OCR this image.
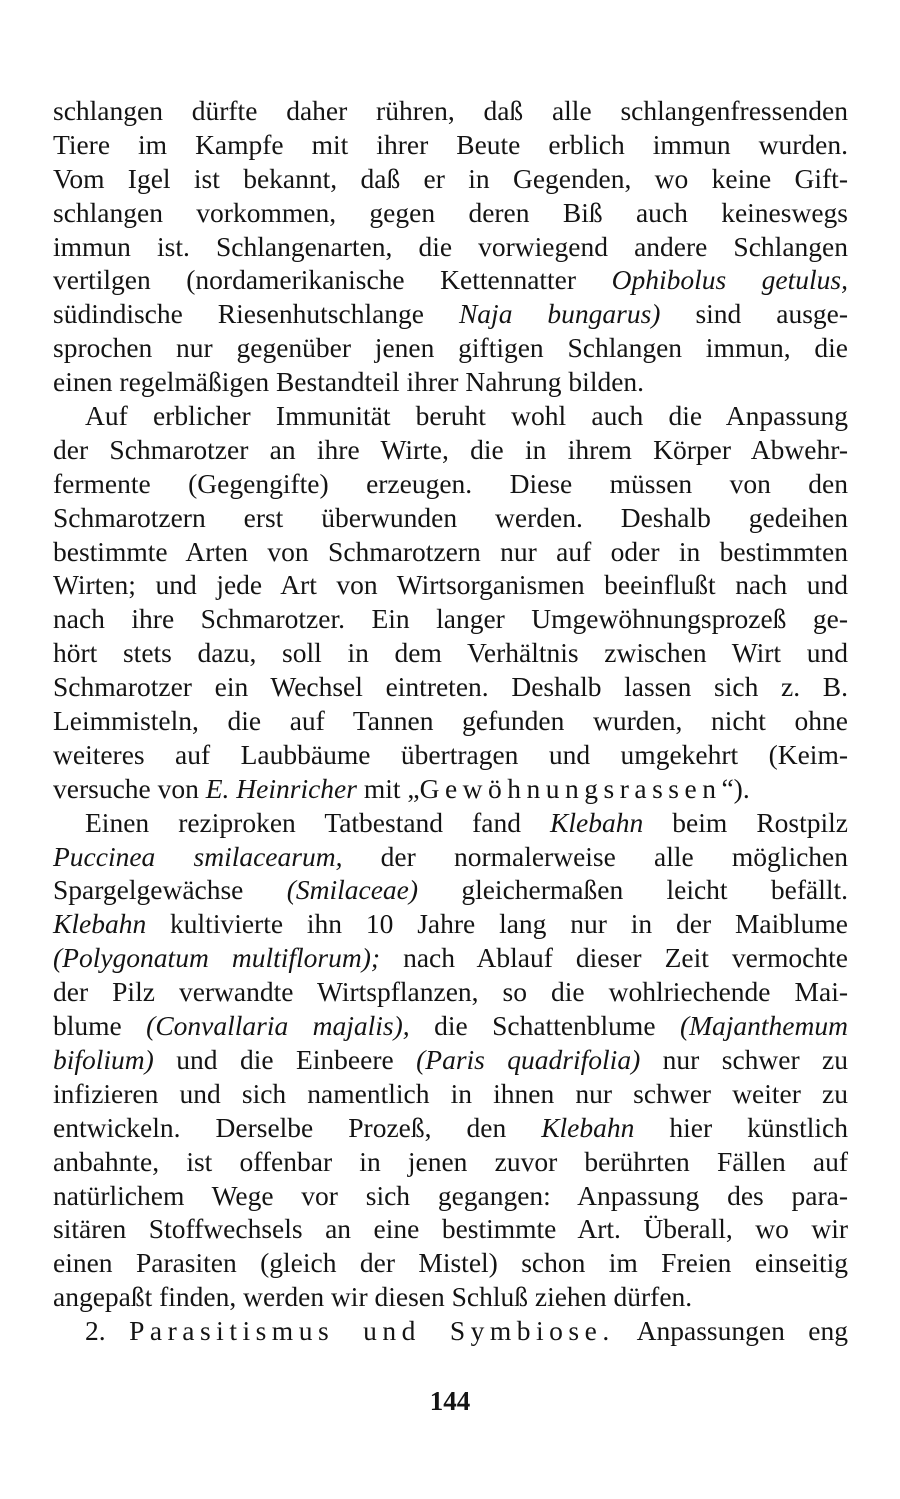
schlangen dürfte daher rühren, daß alle schlangenfressenden
Tiere im Kampfe mit ihrer Beute erblich immun wurden.
Vom Igel ist bekannt, daß er in Gegenden, wo keine Gift-
schlangen vorkommen, gegen deren Biß auch keineswegs
immun ist. Schlangenarten, die vorwiegend andere Schlangen
vertilgen (nordamerikanische Kettennatter Ophibolus getulus,
südindische Riesenhutschlange Naja bungarus) sind ausge-
sprochen nur gegenüber jenen giftigen Schlangen immun, die
einen regelmäßigen Bestandteil ihrer Nahrung bilden.
Auf erblicher Immunität beruht wohl auch die Anpassung
der Schmarotzer an ihre Wirte, die in ihrem Körper Abwehr-
fermente (Gegengifte) erzeugen. Diese müssen von den
Schmarotzern erst überwunden werden. Deshalb gedeihen
bestimmte Arten von Schmarotzern nur auf oder in bestimmten
Wirten; und jede Art von Wirtsorganismen beeinflußt nach und
nach ihre Schmarotzer. Ein langer Umgewöhnungsprozeß ge-
hört stets dazu, soll in dem Verhältnis zwischen Wirt und
Schmarotzer ein Wechsel eintreten. Deshalb lassen sich z. B.
Leimmisteln, die auf Tannen gefunden wurden, nicht ohne
weiteres auf Laubbäume übertragen und umgekehrt (Keim-
versuche von E. Heinricher mit „Gewöhnungsrassen“).
Einen reziproken Tatbestand fand Klebahn beim Rostpilz
Puccinea smilacearum, der normalerweise alle möglichen
Spargelgewächse (Smilaceae) gleichermaßen leicht befällt.
Klebahn kultivierte ihn 10 Jahre lang nur in der Maiblume
(Polygonatum multiflorum); nach Ablauf dieser Zeit vermochte
der Pilz verwandte Wirtspflanzen, so die wohlriechende Mai-
blume (Convallaria majalis), die Schattenblume (Majanthemum
bifolium) und die Einbeere (Paris quadrifolia) nur schwer zu
infizieren und sich namentlich in ihnen nur schwer weiter zu
entwickeln. Derselbe Prozeß, den Klebahn hier künstlich
anbahnte, ist offenbar in jenen zuvor berührten Fällen auf
natürlichem Wege vor sich gegangen: Anpassung des para-
sitären Stoffwechsels an eine bestimmte Art. Überall, wo wir
einen Parasiten (gleich der Mistel) schon im Freien einseitig
angepaßt finden, werden wir diesen Schluß ziehen dürfen.
2. Parasitismus und Symbiose. Anpassungen eng
144
